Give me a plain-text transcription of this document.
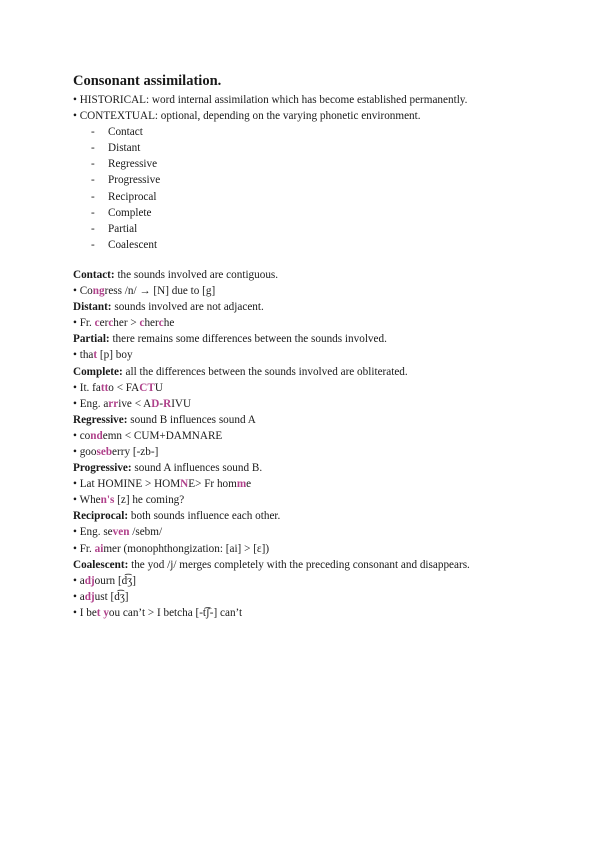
Consonant assimilation.
• HISTORICAL: word internal assimilation which has become established permanently.
• CONTEXTUAL: optional, depending on the varying phonetic environment.
- Contact
- Distant
- Regressive
- Progressive
- Reciprocal
- Complete
- Partial
- Coalescent
Contact: the sounds involved are contiguous.
• Congress /n/ → [N] due to [g]
Distant: sounds involved are not adjacent.
• Fr. cercher > cherche
Partial: there remains some differences between the sounds involved.
• that [p] boy
Complete: all the differences between the sounds involved are obliterated.
• It. fatto < FACTU
• Eng. arrive < AD-RIVU
Regressive: sound B influences sound A
• condemn < CUM+DAMNARE
• gooseberry [-zb-]
Progressive: sound A influences sound B.
• Lat HOMINE > HOMNE> Fr homme
• When's [z] he coming?
Reciprocal: both sounds influence each other.
• Eng. seven /sebm/
• Fr. aimer (monophthongization: [ai] > [ɛ])
Coalescent: the yod /j/ merges completely with the preceding consonant and disappears.
• adjourn [d͡ʒ]
• adjust [d͡ʒ]
• I bet you can’t > I betcha [-t͡ʃ-] can’t
